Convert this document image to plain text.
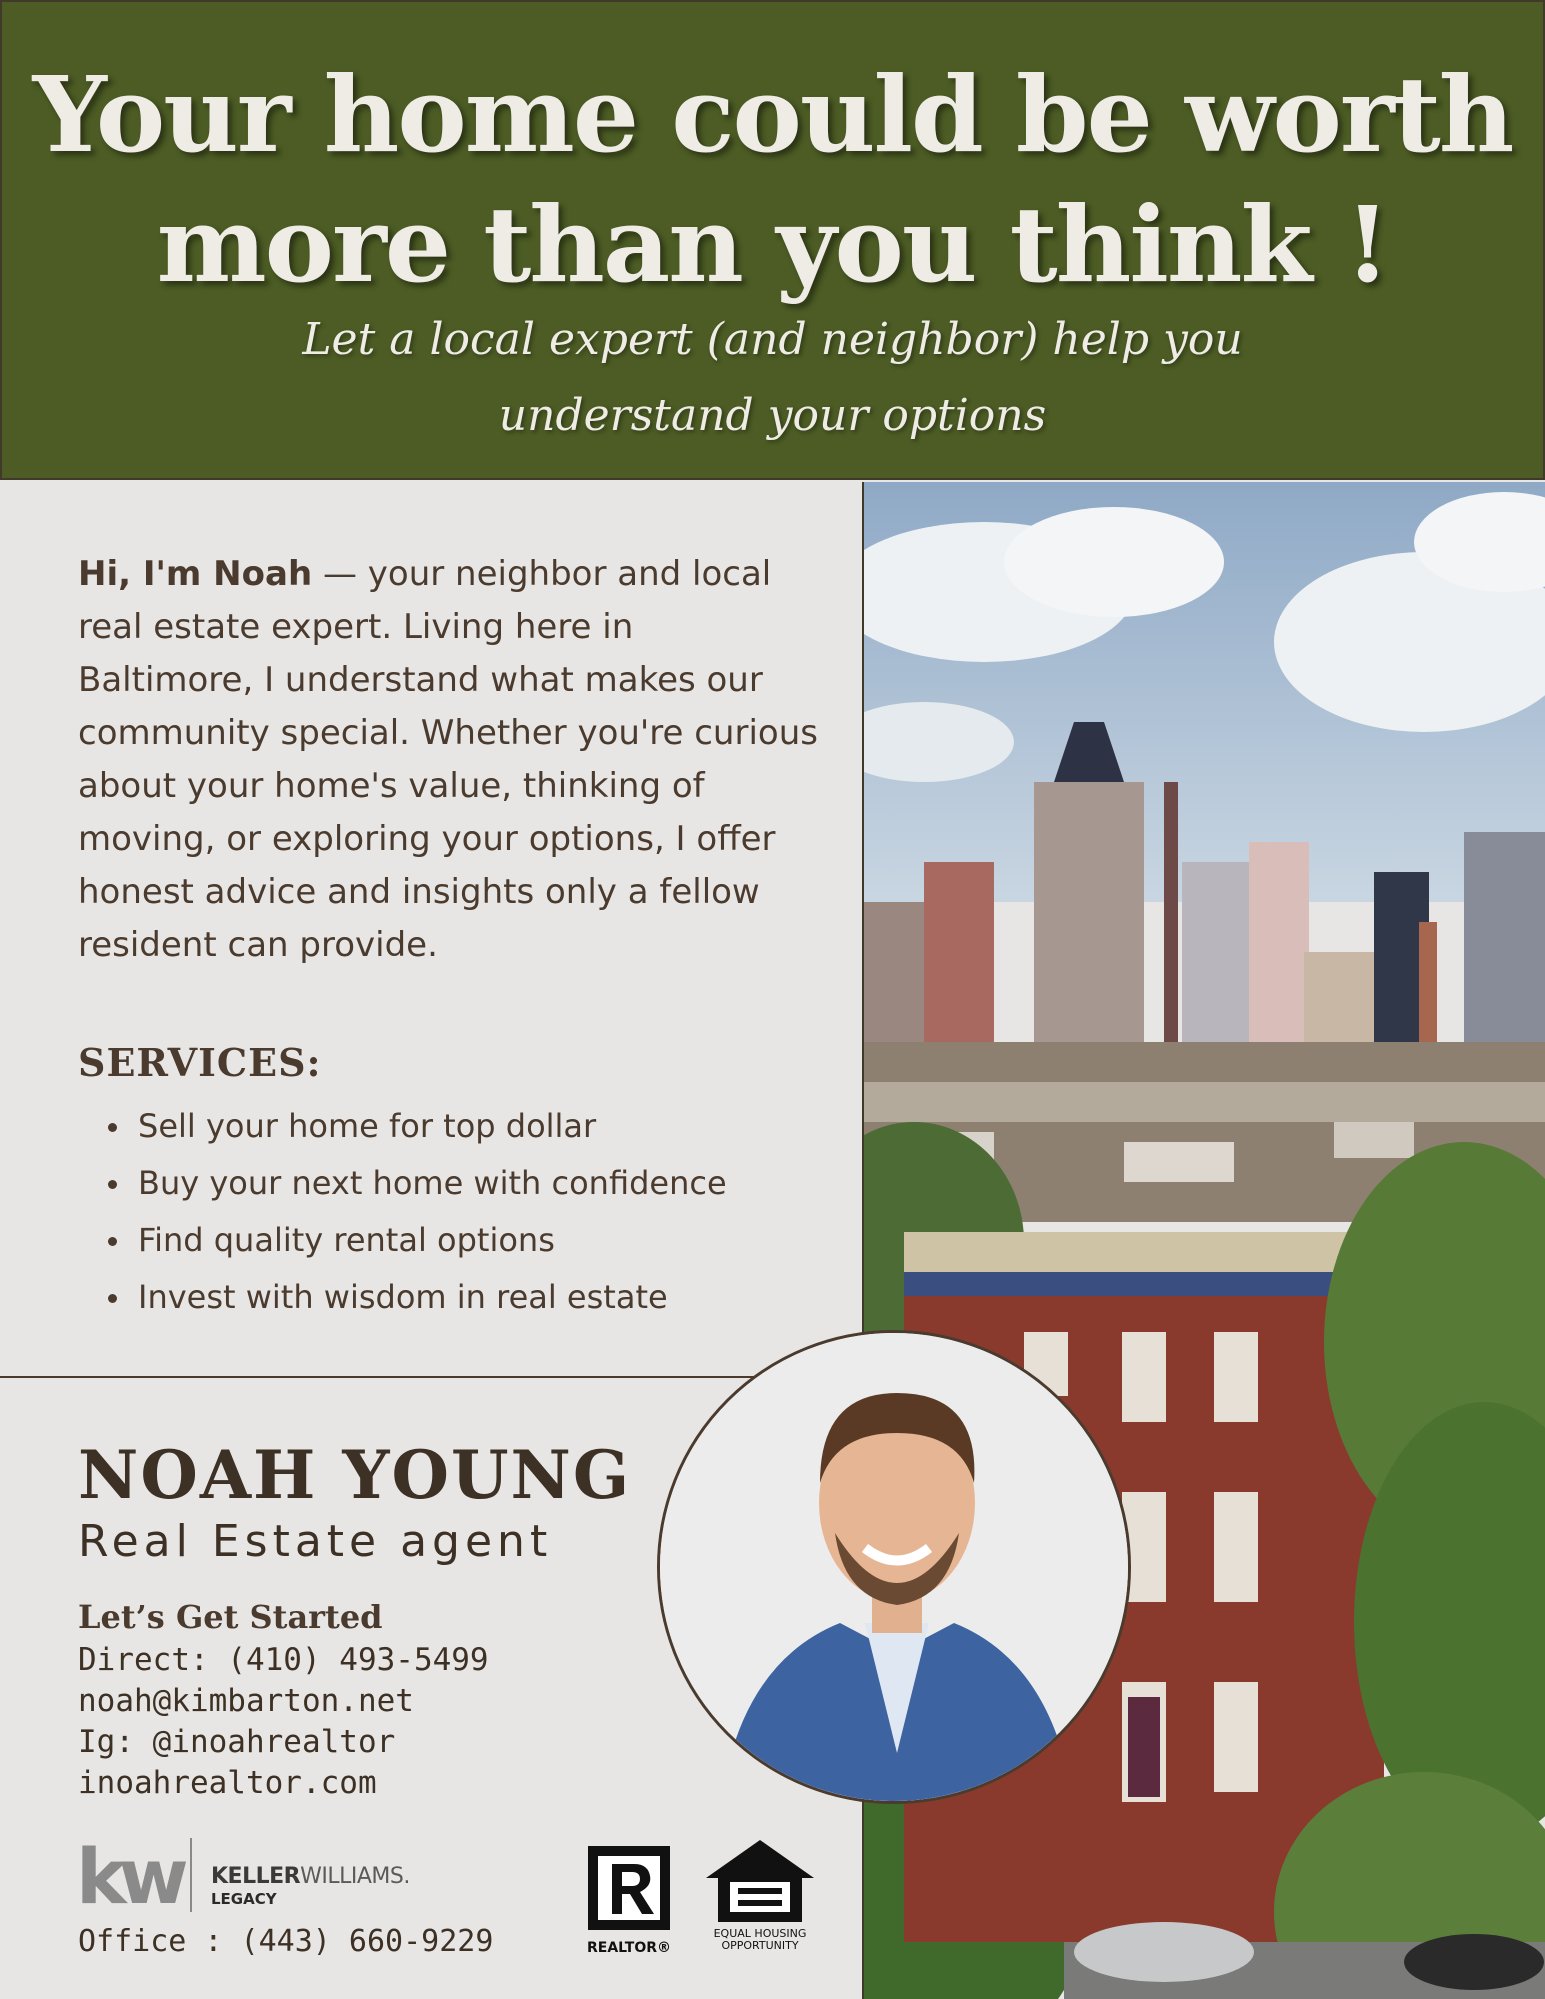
Your home could be worth
more than you think !
Let a local expert (and neighbor) help you
understand your options

Hi, I'm Noah — your neighbor and local real estate expert. Living here in Baltimore, I understand what makes our community special. Whether you're curious about your home's value, thinking of moving, or exploring your options, I offer honest advice and insights only a fellow resident can provide.

SERVICES:
Sell your home for top dollar
Buy your next home with confidence
Find quality rental options
Invest with wisdom in real estate
NOAH YOUNG
Real Estate agent
Let’s Get Started
Direct: (410) 493-5499
noah@kimbarton.net
Ig: @inoahrealtor
inoahrealtor.com
kw KELLERWILLIAMS.
LEGACY
Office : (443) 660-9229	REALTOR®
EQUAL HOUSING
OPPORTUNITY
